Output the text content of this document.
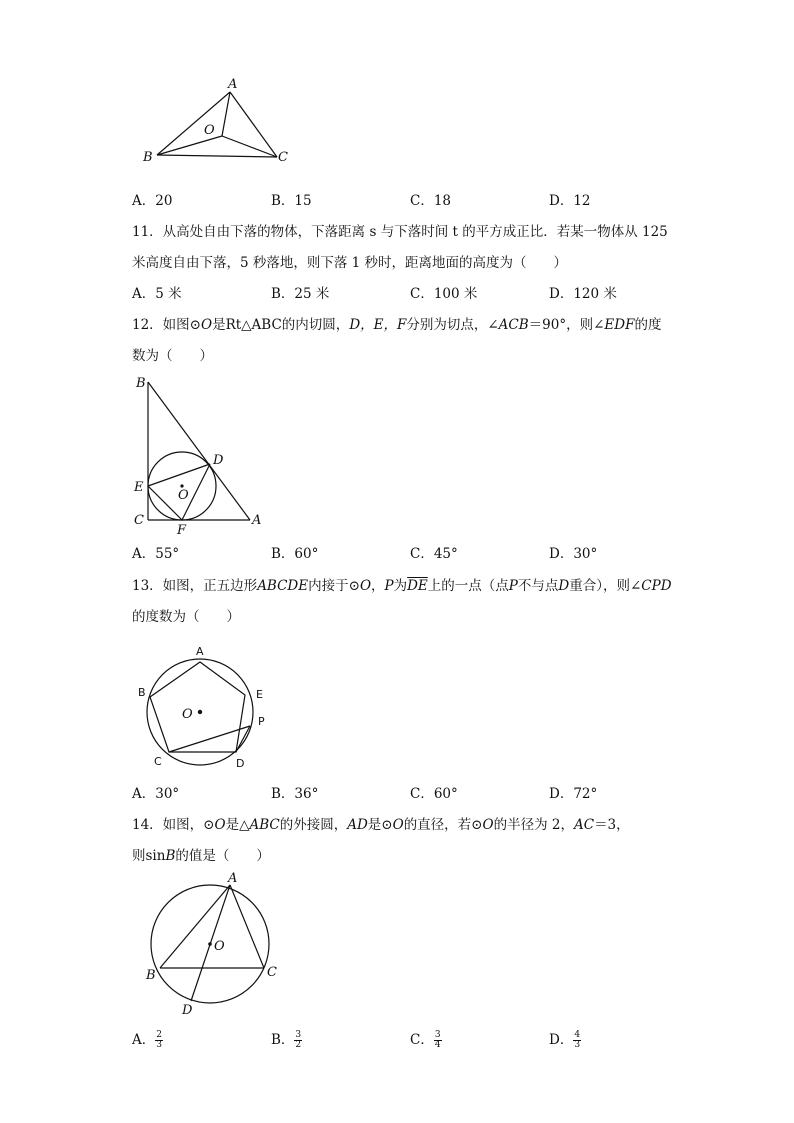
A
B	C
O
A．20	B．15	C．18	D．12
11．从高处自由下落的物体，下落距离 s 与下落时间 t 的平方成正比．若某一物体从 125
米高度自由下落，5 秒落地，则下落 1 秒时，距离地面的高度为（　　）
A．5 米	B．25 米	C．100 米	D．120 米
12．如图⊙O是Rt△ABC的内切圆，D，E，F分别为切点，∠ACB＝90°，则∠EDF的度
数为（　　）
B
D
E
O
C
F
A
A．55°	B．60°	C．45°	D．30°
13．如图，正五边形ABCDE内接于⊙O，P为$\overline{DE}$上的一点（点P不与点D重合），则∠CPD
的度数为（　　）
A
B	E
P
O
C	D
A．30°	B．36°	C．60°	D．72°
14．如图，⊙O是△ABC的外接圆，AD是⊙O的直径，若⊙O的半径为 2，AC＝3，
则sinB的值是（　　）
A
O
B	C
D
A． $\frac{2}{3}$	B． $\frac{3}{2}$	C． $\frac{3}{4}$	D． $\frac{4}{3}$
